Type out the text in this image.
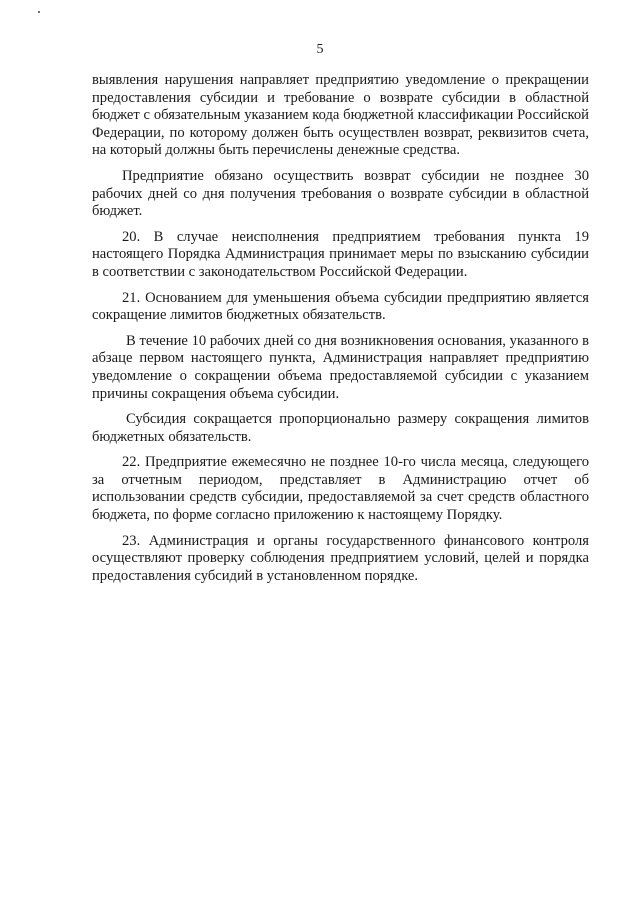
5

выявления нарушения направляет предприятию уведомление о прекращении предоставления субсидии и требование о возврате субсидии в областной бюджет с обязательным указанием кода бюджетной классификации Российской Федерации, по которому должен быть осуществлен возврат, реквизитов счета, на который должны быть перечислены денежные средства.

Предприятие обязано осуществить возврат субсидии не позднее 30 рабочих дней со дня получения требования о возврате субсидии в областной бюджет.

20. В случае неисполнения предприятием требования пункта 19 настоящего Порядка Администрация принимает меры по взысканию субсидии в соответствии с законодательством Российской Федерации.

21. Основанием для уменьшения объема субсидии предприятию является сокращение лимитов бюджетных обязательств.

В течение 10 рабочих дней со дня возникновения основания, указанного в абзаце первом настоящего пункта, Администрация направляет предприятию уведомление о сокращении объема предоставляемой субсидии с указанием причины сокращения объема субсидии.

Субсидия сокращается пропорционально размеру сокращения лимитов бюджетных обязательств.

22. Предприятие ежемесячно не позднее 10-го числа месяца, следующего за отчетным периодом, представляет в Администрацию отчет об использовании средств субсидии, предоставляемой за счет средств областного бюджета, по форме согласно приложению к настоящему Порядку.

23. Администрация и органы государственного финансового контроля осуществляют проверку соблюдения предприятием условий, целей и порядка предоставления субсидий в установленном порядке.
